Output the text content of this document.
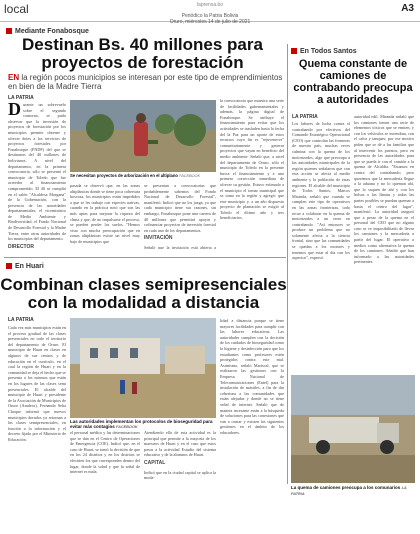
local	laprensa.bo
Periódico la Patria Bolivia
Oruro, miércoles 14 de julio de 2021
A3
Mediante Fonabosque
Destinan Bs. 40 millones para proyectos de forestación
EN la región pocos municipios se interesan por este tipo de emprendimientos en bien de la Madre Tierra
LA PATRIA
D urante un sobrevuelo sobre el segundo contorno, se pudo observar que la inversión de proyectos de forestación por los municipios permite obtener y ofrecer dotes a los servicios de proyectos forestales por Fonabosque (FNDF) del que se destinaron del 40 millones de bolivianos. A nivel del departamento, en la primera convocatoria, sólo se presentó el municipio de Toledo que fue acreedor al financiamiento comprometido. El 40 se cumplió en el salón "Alcaldesa Morgana" de la Gobernación, con la presencia de las autoridades departamentales, el viceministro de Medio Ambiente y Biodiversidad, el Fondo Nacional de Desarrollo Forestal y la Madre Tierra, entre otras autoridades de los municipios del departamento.

DIRECTOR

Se necesitan proyectos de arborización en el altiplano FACEBOOK

pasada se observó que, en las zonas altiplánicas donde se tiene poca cobertura boscosa, los municipios están impedidos a que se les trabaje con especies nativas, cuando en la práctica notó que son las más aptas para mejorar la riqueza del clima y que, de no impulsarse el proceso, se pueden perder los suelos. "Hemos visto con mucha preocupación que en zonas altiplánicas existe un nivel muy bajo de municipios que

se presentan a convocatorias que probablemente sabemos del Fondo Nacional de Desarrollo Forestal", manifestó. Indicó que no los juzga, ya que cada municipio tiene sus razones, sin embargo, Fonabosque pone una cartera de 40 millones que permitirá apoyar y cofinanciar proyectos de inversión forestal en cada uno de los departamentos.

INVITACIÓN

Señaló que la invitación está abierta a

la convocatoria que muestra una serie de facilidades gubernamentales y además, la página digital de Fonabosque. Se atribuye el financiamiento para evitar que los actividades se trasladen hasta la fecha del la Paz para un aporte de estos recursos cuyo fin es "rejuvenecer" comunitariamente y generar proyectos que vayan en beneficio del medio ambiente. Señaló que, a nivel del departamento de Oruro, sólo el municipio de Toledo en la presente busca el financiamiento y a uno primero corrección inmediata de ofrecer su gestión. Estuvo estimado a el municipio el tomar municipal que se toma en la región y agregó: que este municipio y, a un año dispuesto proyecto de plantación se exigió al Toledo el último año y tres beneficiarios.

En Todos Santos
Quema constante de camiones de contrabando preocupa a autoridades
LA PATRIA

Los labores de lucha contra el contrabando por efectivos del Comando Estratégico Operacional (CEO) que controlan las fronteras de nuestro país, muchas veces culmina con la quema de los motorizados, algo que preocupa a las autoridades municipales de la región quienes señalaron que con esta acción se afecta al medio ambiente y la población de estas regiones. El alcalde del municipio de Todos Santos, Marcos Miranda, señaló que cuando se cumplen este tipo de operativos en las zonas fronterizas, todo recae a colaborar en la quema de motorizados a un cerro en contrabando. "Así entonces se produce un problema que no solamente afecta a la ciencia frontal, sino que las comunidades se quedan a los motores y tenemos que estar al día con los aspectos", expresó.

autoridad edil. Miranda señaló que los camiones tienen una serie de elementos tóxicos que se emiten, y con los vehículos se incendian, con el calor y tanques; por ese motivo piden que se dé a las familias que al intervenir los puestos, pero en presencia de las autoridades para que se pueda ir con el camión a la quema de Alcaldía. "Estamos en contra del contrabando, pero queremos que la mercadería llegue a la aduana y no lo queman ahí, que lo saquen de ahí y con los bolsas o las llantas y todas las partes posibles se puedan quemar a hasta el centro del lugar", manifestó. La autoridad aseguró que a pesar de la quema en el personal del CEO que no alguno caso se ve imposibilitado de llevar los camiones y la mercadería a partir del lugar. El operativo a medios como alternativa la quema de los camiones. Añadió que han informado a las autoridades pertinentes.

La quema de camiones preocupa a los comunarios LA PATRIA
En Huari
Combinan clases semipresenciales con la modalidad a distancia
LA PATRIA

Cada vez más municipios están en el proceso gradual de las clases presenciales en todo el territorio del departamento de Oruro. El municipio de Huari en clases en algunos de sus centros y de educación en el currículo, en el cual la región de Huari y en la comunidad se deja el hecho que se presenta a los mismos que están en los lugares de las clases semi presenciales. El alcalde del municipio de Huari y presidente de la Asociación de Municipios de Oruro (Amdeor), Fernando Seba Choque informó que nuevos municipios dorados ya retornan a las clases semipresenciales, en función a la información y el decreto fijado por el Ministerio de Educación.

Las autoridades implementan los protocolos de bioseguridad para evitar más contagios FACEBOOK

el personal médico y las determinaciones que se dan en el Centro de Operaciones de Emergencia (COE). Indicó que, en el caso de Huari, se tomó la decisión de que en los 24 distritos y en los distritos se efectúen los que corresponden dentro del lugar, donde la salud y que la señal de internet es mala.

Atendiendo ello de esta actividad es la principal que permite a la mayoría de los maestros de Huari y en el caso que estos pasos a la actividad Estudio del sistema educativo y de la alumnos de Huari.

CAPITAL

Indicó que en la ciudad capital se aplica la moda-

lidad a distancia porque se tiene mayores facilidades para cumplir con las labores educativas. Las autoridades cumplen con la decisión de los cuidados de bioseguridad como la higiene y desinfección para que los estudiantes como profesores estén protegidos contra este mal. Asimismo, señaló Mariscal, que se realizaron las gestiones con la Empresa Nacional de Telecomunicaciones (Entel) para la instalación de mástiles, a fin de dar cobertura a las comunidades que están alejadas y donde no se tiene señal de internet. Señaló que de manera incesante están a la búsqueda de soluciones para las conexiones que van a contar y existen las siguientes gestiones en el ámbito de los educadores.
